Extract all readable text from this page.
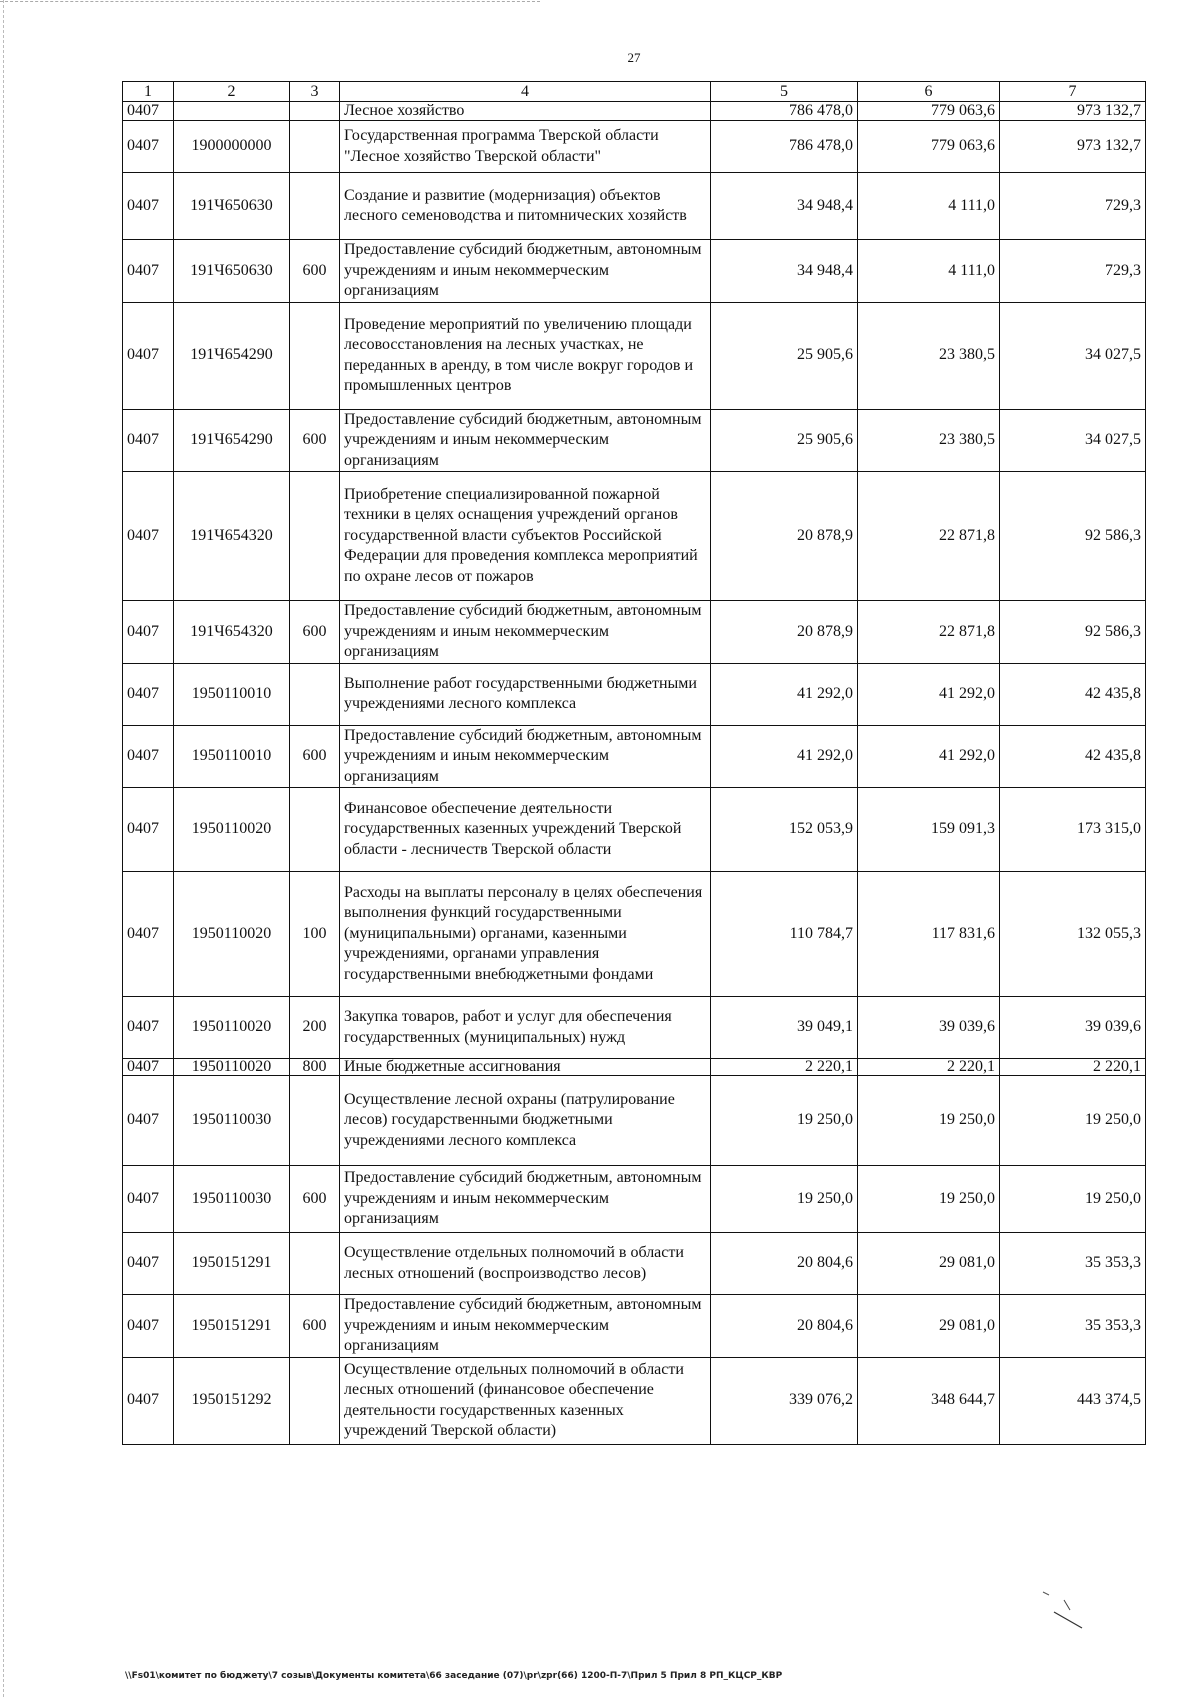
27
1	2	3	4	5	6	7
0407			Лесное хозяйство	786 478,0	779 063,6	973 132,7
0407	1900000000		Государственная программа Тверской области "Лесное хозяйство Тверской области"	786 478,0	779 063,6	973 132,7
0407	191Ч650630		Создание и развитие (модернизация) объектов лесного семеноводства и питомнических хозяйств	34 948,4	4 111,0	729,3
0407	191Ч650630	600	Предоставление субсидий бюджетным, автономным учреждениям и иным некоммерческим организациям	34 948,4	4 111,0	729,3
0407	191Ч654290		Проведение мероприятий по увеличению площади лесовосстановления на лесных участках, не переданных в аренду, в том числе вокруг городов и промышленных центров	25 905,6	23 380,5	34 027,5
0407	191Ч654290	600	Предоставление субсидий бюджетным, автономным учреждениям и иным некоммерческим организациям	25 905,6	23 380,5	34 027,5
0407	191Ч654320		Приобретение специализированной пожарной техники в целях оснащения учреждений органов государственной власти субъектов Российской Федерации для проведения комплекса мероприятий по охране лесов от пожаров	20 878,9	22 871,8	92 586,3
0407	191Ч654320	600	Предоставление субсидий бюджетным, автономным учреждениям и иным некоммерческим организациям	20 878,9	22 871,8	92 586,3
0407	1950110010		Выполнение работ государственными бюджетными учреждениями лесного комплекса	41 292,0	41 292,0	42 435,8
0407	1950110010	600	Предоставление субсидий бюджетным, автономным учреждениям и иным некоммерческим организациям	41 292,0	41 292,0	42 435,8
0407	1950110020		Финансовое обеспечение деятельности государственных казенных учреждений Тверской области - лесничеств Тверской области	152 053,9	159 091,3	173 315,0
0407	1950110020	100	Расходы на выплаты персоналу в целях обеспечения выполнения функций государственными (муниципальными) органами, казенными учреждениями, органами управления государственными внебюджетными фондами	110 784,7	117 831,6	132 055,3
0407	1950110020	200	Закупка товаров, работ и услуг для обеспечения государственных (муниципальных) нужд	39 049,1	39 039,6	39 039,6
0407	1950110020	800	Иные бюджетные ассигнования	2 220,1	2 220,1	2 220,1
0407	1950110030		Осуществление лесной охраны (патрулирование лесов) государственными бюджетными учреждениями лесного комплекса	19 250,0	19 250,0	19 250,0
0407	1950110030	600	Предоставление субсидий бюджетным, автономным учреждениям и иным некоммерческим организациям	19 250,0	19 250,0	19 250,0
0407	1950151291		Осуществление отдельных полномочий в области лесных отношений (воспроизводство лесов)	20 804,6	29 081,0	35 353,3
0407	1950151291	600	Предоставление субсидий бюджетным, автономным учреждениям и иным некоммерческим организациям	20 804,6	29 081,0	35 353,3
0407	1950151292		Осуществление отдельных полномочий в области лесных отношений (финансовое обеспечение деятельности государственных казенных учреждений Тверской области)	339 076,2	348 644,7	443 374,5
\\Fs01\комитет по бюджету\7 созыв\Документы комитета\66 заседание (07)\pr\zpr(66) 1200-П-7\Прил 5 Прил 8 РП_КЦСР_КВР
